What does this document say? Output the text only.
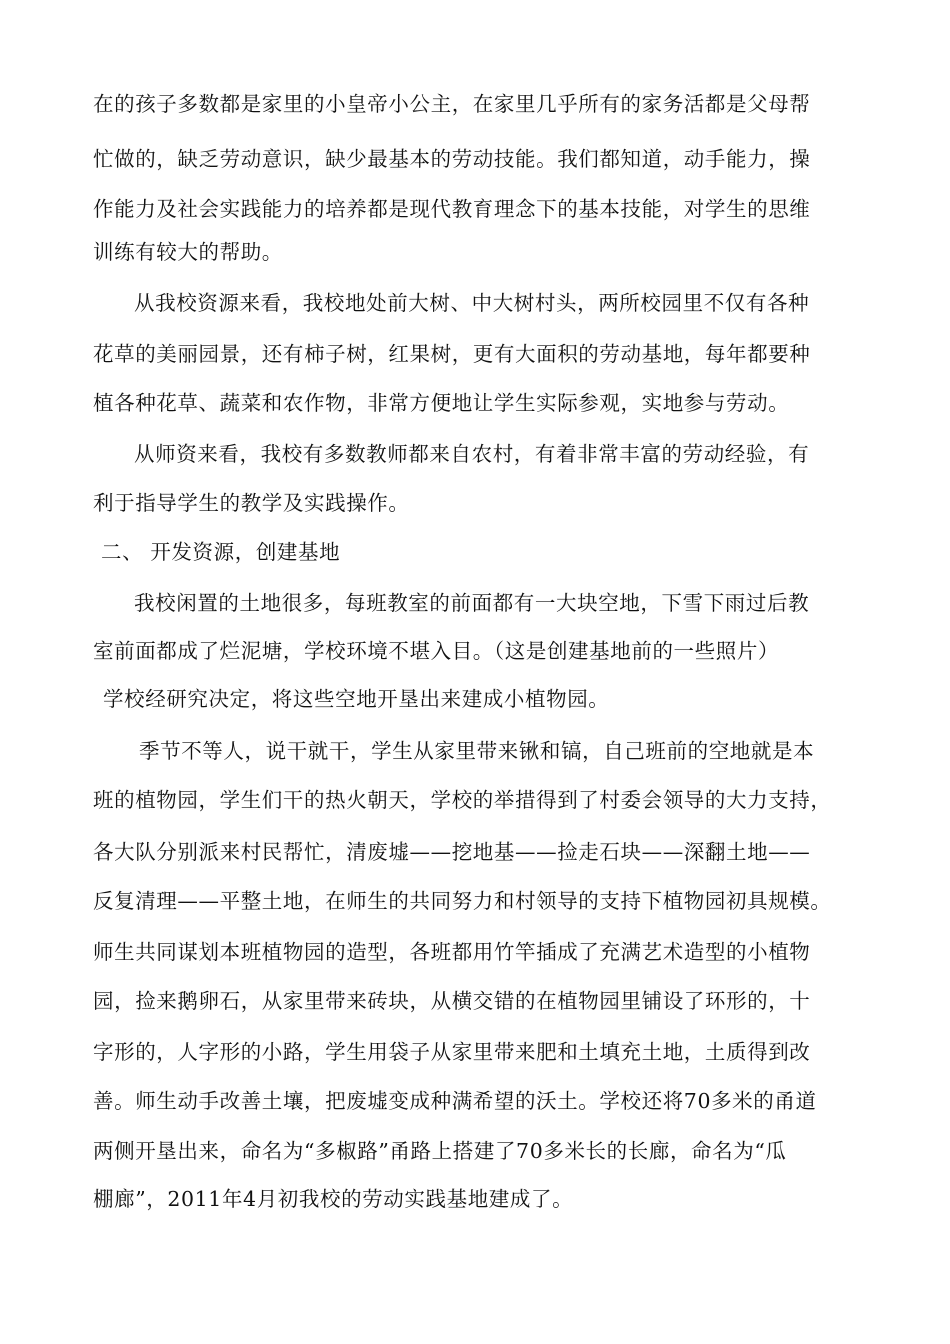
在的孩子多数都是家里的小皇帝小公主，在家里几乎所有的家务活都是父母帮
忙做的，缺乏劳动意识，缺少最基本的劳动技能。我们都知道，动手能力，操
作能力及社会实践能力的培养都是现代教育理念下的基本技能，对学生的思维
训练有较大的帮助。
从我校资源来看，我校地处前大树、中大树村头，两所校园里不仅有各种
花草的美丽园景，还有柿子树，红果树，更有大面积的劳动基地，每年都要种
植各种花草、蔬菜和农作物，非常方便地让学生实际参观，实地参与劳动。
从师资来看，我校有多数教师都来自农村，有着非常丰富的劳动经验，有
利于指导学生的教学及实践操作。
二、 开发资源，创建基地
我校闲置的土地很多，每班教室的前面都有一大块空地，下雪下雨过后教
室前面都成了烂泥塘，学校环境不堪入目。（这是创建基地前的一些照片）
学校经研究决定，将这些空地开垦出来建成小植物园。
季节不等人，说干就干，学生从家里带来锹和镐，自己班前的空地就是本
班的植物园，学生们干的热火朝天，学校的举措得到了村委会领导的大力支持，
各大队分别派来村民帮忙，清废墟——挖地基——捡走石块——深翻土地——
反复清理——平整土地，在师生的共同努力和村领导的支持下植物园初具规模。
师生共同谋划本班植物园的造型，各班都用竹竿插成了充满艺术造型的小植物
园，捡来鹅卵石，从家里带来砖块，从横交错的在植物园里铺设了环形的，十
字形的，人字形的小路，学生用袋子从家里带来肥和土填充土地，土质得到改
善。师生动手改善土壤，把废墟变成种满希望的沃土。学校还将70多米的甬道
两侧开垦出来，命名为“多椒路”甬路上搭建了70多米长的长廊，命名为“瓜
棚廊”，2011年4月初我校的劳动实践基地建成了。
